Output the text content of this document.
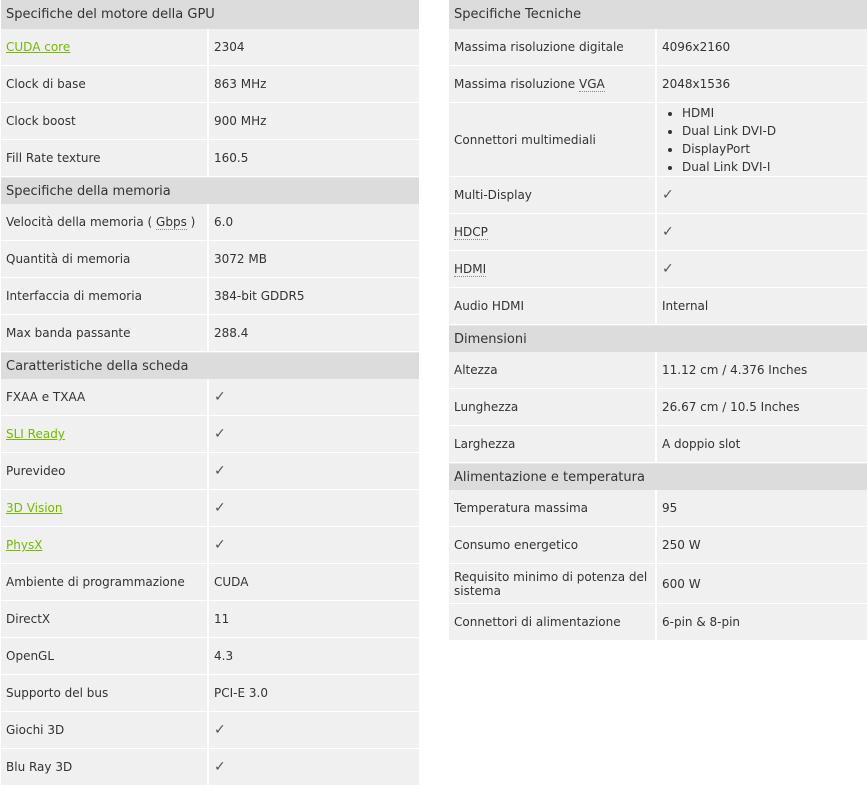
Specifiche del motore della GPU
CUDA core	2304
Clock di base	863 MHz
Clock boost	900 MHz
Fill Rate texture	160.5
Specifiche della memoria
Velocità della memoria (
Gbps
)	6.0
Quantità di memoria	3072 MB
Interfaccia di memoria	384-bit GDDR5
Max banda passante	288.4
Caratteristiche della scheda
FXAA e TXAA	✓
SLI Ready	✓
Purevideo	✓
3D Vision	✓
PhysX	✓
Ambiente di programmazione	CUDA
DirectX	11
OpenGL	4.3
Supporto del bus	PCI-E 3.0
Giochi 3D	✓
Blu Ray 3D	✓
Specifiche Tecniche
Massima risoluzione digitale	4096x2160
Massima risoluzione
VGA	2048x1536
Connettori multimediali
• HDMI
• Dual Link DVI-D
• DisplayPort
• Dual Link DVI-I
Multi-Display	✓
HDCP	✓
HDMI	✓
Audio HDMI	Internal
Dimensioni
Altezza	11.12 cm / 4.376 Inches
Lunghezza	26.67 cm / 10.5 Inches
Larghezza	A doppio slot
Alimentazione e temperatura
Temperatura massima	95
Consumo energetico	250 W
Requisito minimo di potenza del sistema	600 W
Connettori di alimentazione	6-pin & 8-pin
